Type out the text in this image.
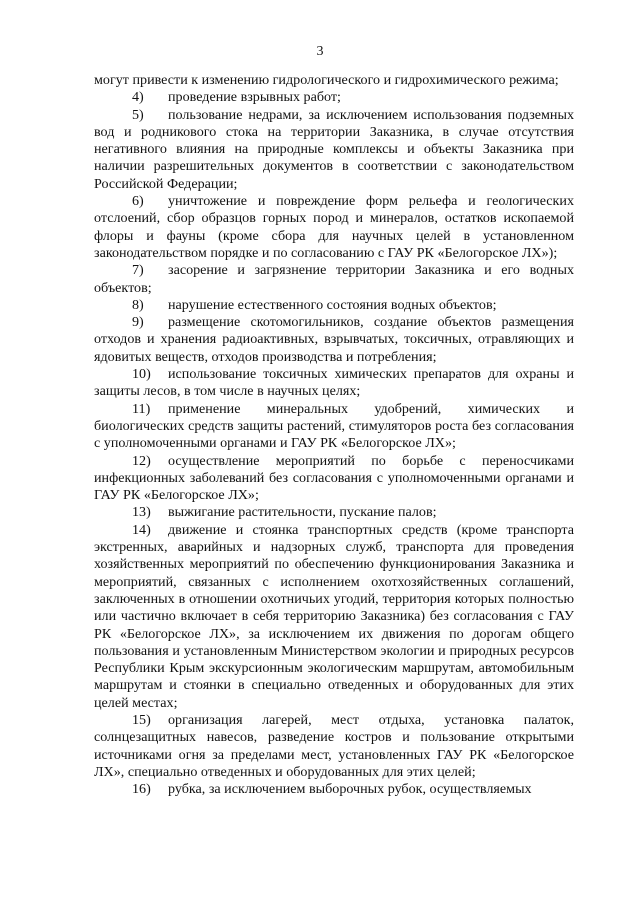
3

могут привести к изменению гидрологического и гидрохимического режима;

4) проведение взрывных работ;

5) пользование недрами, за исключением использования подземных вод и родникового стока на территории Заказника, в случае отсутствия негативного влияния на природные комплексы и объекты Заказника при наличии разрешительных документов в соответствии с законодательством Российской Федерации;

6) уничтожение и повреждение форм рельефа и геологических отслоений, сбор образцов горных пород и минералов, остатков ископаемой флоры и фауны (кроме сбора для научных целей в установленном законодательством порядке и по согласованию с ГАУ РК «Белогорское ЛХ»);

7) засорение и загрязнение территории Заказника и его водных объектов;

8) нарушение естественного состояния водных объектов;

9) размещение скотомогильников, создание объектов размещения отходов и хранения радиоактивных, взрывчатых, токсичных, отравляющих и ядовитых веществ, отходов производства и потребления;

10) использование токсичных химических препаратов для охраны и защиты лесов, в том числе в научных целях;

11) применение минеральных удобрений, химических и биологических средств защиты растений, стимуляторов роста без согласования с уполномоченными органами и ГАУ РК «Белогорское ЛХ»;

12) осуществление мероприятий по борьбе с переносчиками инфекционных заболеваний без согласования с уполномоченными органами и ГАУ РК «Белогорское ЛХ»;

13) выжигание растительности, пускание палов;

14) движение и стоянка транспортных средств (кроме транспорта экстренных, аварийных и надзорных служб, транспорта для проведения хозяйственных мероприятий по обеспечению функционирования Заказника и мероприятий, связанных с исполнением охотхозяйственных соглашений, заключенных в отношении охотничьих угодий, территория которых полностью или частично включает в себя территорию Заказника) без согласования с ГАУ РК «Белогорское ЛХ», за исключением их движения по дорогам общего пользования и установленным Министерством экологии и природных ресурсов Республики Крым экскурсионным экологическим маршрутам, автомобильным маршрутам и стоянки в специально отведенных и оборудованных для этих целей местах;

15) организация лагерей, мест отдыха, установка палаток, солнцезащитных навесов, разведение костров и пользование открытыми источниками огня за пределами мест, установленных ГАУ РК «Белогорское ЛХ», специально отведенных и оборудованных для этих целей;

16) рубка, за исключением выборочных рубок, осуществляемых
